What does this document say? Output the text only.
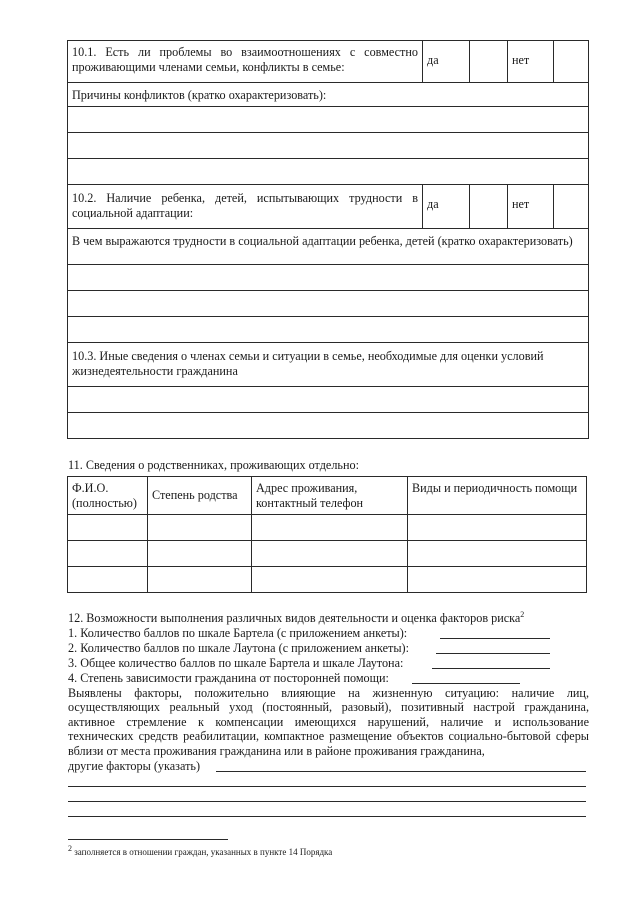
10.1. Есть ли проблемы во взаимоотношениях с совместно проживающими членами семьи, конфликты в семье:	да		нет	
Причины конфликтов (кратко охарактеризовать):				

10.2. Наличие ребенка, детей, испытывающих трудности в социальной адаптации:	да		нет	
В чем выражаются трудности в социальной адаптации ребенка, детей (кратко охарактеризовать)				

10.3. Иные сведения о членах семьи и ситуации в семье, необходимые для оценки условий жизнедеятельности гражданина				

11. Сведения о родственниках, проживающих отдельно:
Ф.И.О. (полностью)	Степень родства	Адрес проживания, контактный телефон	Виды и периодичность помощи

12. Возможности выполнения различных видов деятельности и оценка факторов риска$^2$
1. Количество баллов по шкале Бартела (с приложением анкеты):
2. Количество баллов по шкале Лаутона (с приложением анкеты):
3. Общее количество баллов по шкале Бартела и шкале Лаутона:
4. Степень зависимости гражданина от посторонней помощи:
Выявлены факторы, положительно влияющие на жизненную ситуацию: наличие лиц, осуществляющих реальный уход (постоянный, разовый), позитивный настрой гражданина, активное стремление к компенсации имеющихся нарушений, наличие и использование технических средств реабилитации, компактное размещение объектов социально-бытовой сферы вблизи от места проживания гражданина или в районе проживания гражданина,
другие факторы (указать)
$^2$ заполняется в отношении граждан, указанных в пункте 14 Порядка
